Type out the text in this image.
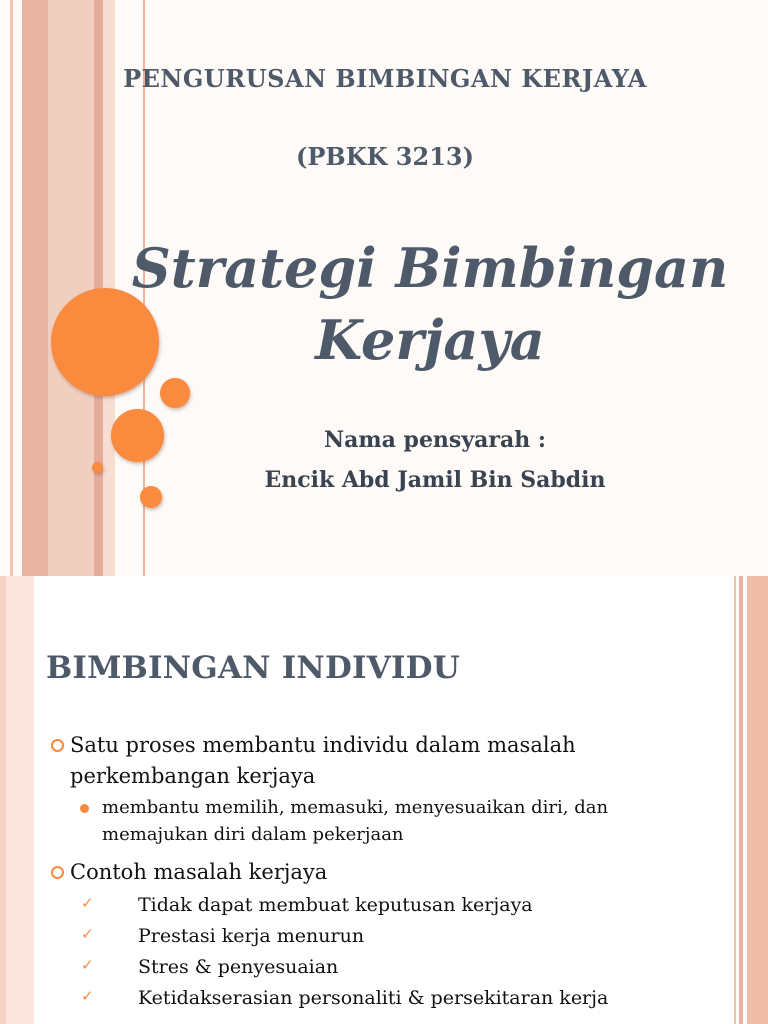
PENGURUSAN BIMBINGAN KERJAYA
(PBKK 3213)
Strategi Bimbingan
Kerjaya
Nama pensyarah :
Encik Abd Jamil Bin Sabdin
BIMBINGAN INDIVIDU
Satu proses membantu individu dalam masalah
perkembangan kerjaya
membantu memilih, memasuki, menyesuaikan diri, dan
memajukan diri dalam pekerjaan
Contoh masalah kerjaya
✓ Tidak dapat membuat keputusan kerjaya
✓ Prestasi kerja menurun
✓ Stres & penyesuaian
✓ Ketidakserasian personaliti & persekitaran kerja
